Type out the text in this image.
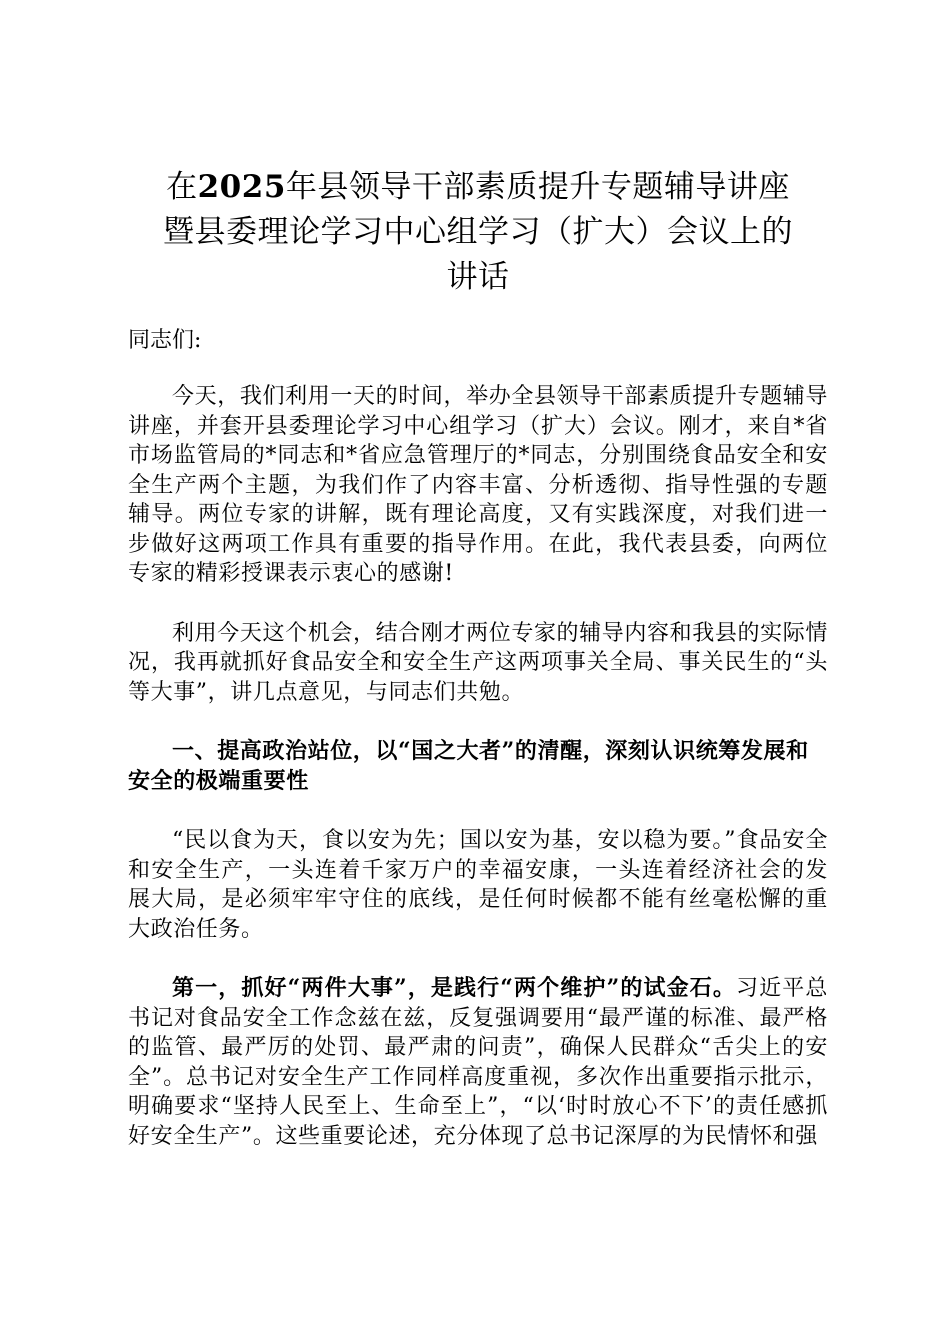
在2025年县领导干部素质提升专题辅导讲座
暨县委理论学习中心组学习（扩大）会议上的
讲话

同志们:

今天，我们利用一天的时间，举办全县领导干部素质提升专题辅导讲座，并套开县委理论学习中心组学习（扩大）会议。刚才，来自*省市场监管局的*同志和*省应急管理厅的*同志，分别围绕食品安全和安全生产两个主题，为我们作了内容丰富、分析透彻、指导性强的专题辅导。两位专家的讲解，既有理论高度，又有实践深度，对我们进一步做好这两项工作具有重要的指导作用。在此，我代表县委，向两位专家的精彩授课表示衷心的感谢!

利用今天这个机会，结合刚才两位专家的辅导内容和我县的实际情况，我再就抓好食品安全和安全生产这两项事关全局、事关民生的“头等大事”，讲几点意见，与同志们共勉。

一、提高政治站位，以“国之大者”的清醒，深刻认识统筹发展和安全的极端重要性

“民以食为天，食以安为先；国以安为基，安以稳为要。”食品安全和安全生产，一头连着千家万户的幸福安康，一头连着经济社会的发展大局，是必须牢牢守住的底线，是任何时候都不能有丝毫松懈的重大政治任务。

第一，抓好“两件大事”，是践行“两个维护”的试金石。习近平总书记对食品安全工作念兹在兹，反复强调要用“最严谨的标准、最严格的监管、最严厉的处罚、最严肃的问责”，确保人民群众“舌尖上的安全”。总书记对安全生产工作同样高度重视，多次作出重要指示批示，明确要求“坚持人民至上、生命至上”，“以‘时时放心不下’的责任感抓好安全生产”。这些重要论述，充分体现了总书记深厚的为民情怀和强
